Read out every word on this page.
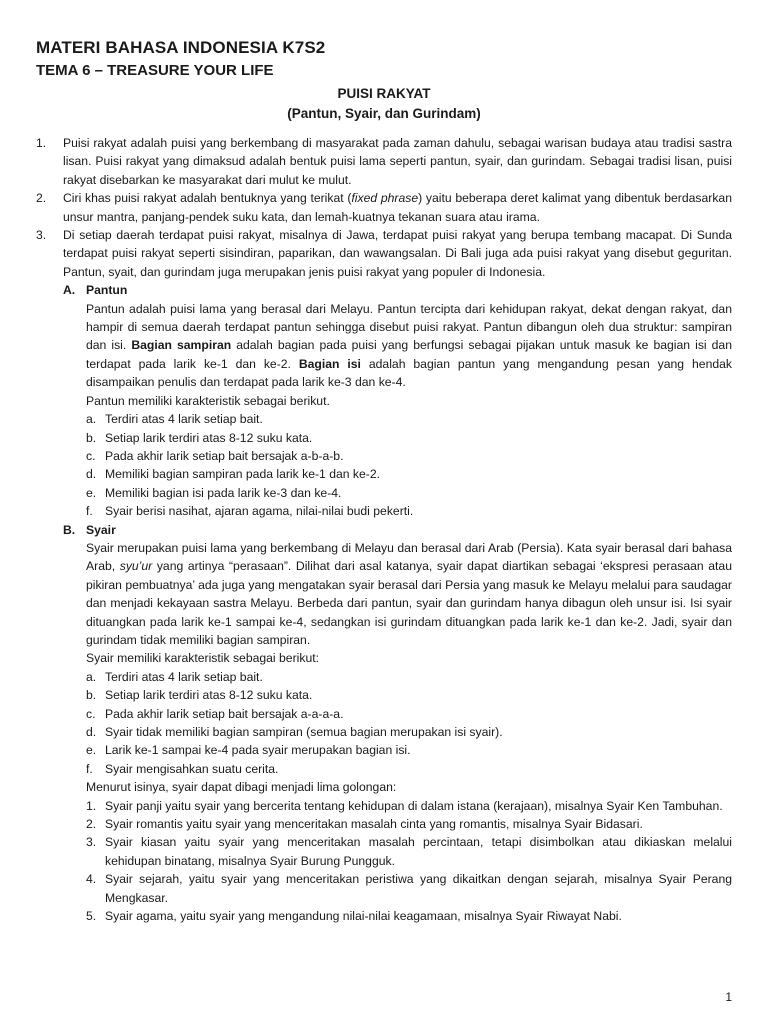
MATERI BAHASA INDONESIA K7S2
TEMA 6 – TREASURE YOUR LIFE
PUISI RAKYAT
(Pantun, Syair, dan Gurindam)
1.	Puisi rakyat adalah puisi yang berkembang di masyarakat pada zaman dahulu, sebagai warisan budaya atau tradisi sastra lisan. Puisi rakyat yang dimaksud adalah bentuk puisi lama seperti pantun, syair, dan gurindam. Sebagai tradisi lisan, puisi rakyat disebarkan ke masyarakat dari mulut ke mulut.
2.	Ciri khas puisi rakyat adalah bentuknya yang terikat (fixed phrase) yaitu beberapa deret kalimat yang dibentuk berdasarkan unsur mantra, panjang-pendek suku kata, dan lemah-kuatnya tekanan suara atau irama.
3.	Di setiap daerah terdapat puisi rakyat, misalnya di Jawa, terdapat puisi rakyat yang berupa tembang macapat. Di Sunda terdapat puisi rakyat seperti sisindiran, paparikan, dan wawangsalan. Di Bali juga ada puisi rakyat yang disebut geguritan. Pantun, syait, dan gurindam juga merupakan jenis puisi rakyat yang populer di Indonesia.
A. Pantun
Pantun adalah puisi lama yang berasal dari Melayu. Pantun tercipta dari kehidupan rakyat, dekat dengan rakyat, dan hampir di semua daerah terdapat pantun sehingga disebut puisi rakyat. Pantun dibangun oleh dua struktur: sampiran dan isi. Bagian sampiran adalah bagian pada puisi yang berfungsi sebagai pijakan untuk masuk ke bagian isi dan terdapat pada larik ke-1 dan ke-2. Bagian isi adalah bagian pantun yang mengandung pesan yang hendak disampaikan penulis dan terdapat pada larik ke-3 dan ke-4.
Pantun memiliki karakteristik sebagai berikut.
a. Terdiri atas 4 larik setiap bait.
b. Setiap larik terdiri atas 8-12 suku kata.
c. Pada akhir larik setiap bait bersajak a-b-a-b.
d. Memiliki bagian sampiran pada larik ke-1 dan ke-2.
e. Memiliki bagian isi pada larik ke-3 dan ke-4.
f.	Syair berisi nasihat, ajaran agama, nilai-nilai budi pekerti.
B. Syair
Syair merupakan puisi lama yang berkembang di Melayu dan berasal dari Arab (Persia). Kata syair berasal dari bahasa Arab, syu’ur yang artinya “perasaan”. Dilihat dari asal katanya, syair dapat diartikan sebagai ‘ekspresi perasaan atau pikiran pembuatnya’ ada juga yang mengatakan syair berasal dari Persia yang masuk ke Melayu melalui para saudagar dan menjadi kekayaan sastra Melayu. Berbeda dari pantun, syair dan gurindam hanya dibagun oleh unsur isi. Isi syair dituangkan pada larik ke-1 sampai ke-4, sedangkan isi gurindam dituangkan pada larik ke-1 dan ke-2. Jadi, syair dan gurindam tidak memiliki bagian sampiran.
Syair memiliki karakteristik sebagai berikut:
a. Terdiri atas 4 larik setiap bait.
b. Setiap larik terdiri atas 8-12 suku kata.
c. Pada akhir larik setiap bait bersajak a-a-a-a.
d. Syair tidak memiliki bagian sampiran (semua bagian merupakan isi syair).
e. Larik ke-1 sampai ke-4 pada syair merupakan bagian isi.
f.	Syair mengisahkan suatu cerita.
Menurut isinya, syair dapat dibagi menjadi lima golongan:
1. Syair panji yaitu syair yang bercerita tentang kehidupan di dalam istana (kerajaan), misalnya Syair Ken Tambuhan.
2. Syair romantis yaitu syair yang menceritakan masalah cinta yang romantis, misalnya Syair Bidasari.
3. Syair kiasan yaitu syair yang menceritakan masalah percintaan, tetapi disimbolkan atau dikiaskan melalui kehidupan binatang, misalnya Syair Burung Pungguk.
4. Syair sejarah, yaitu syair yang menceritakan peristiwa yang dikaitkan dengan sejarah, misalnya Syair Perang Mengkasar.
5. Syair agama, yaitu syair yang mengandung nilai-nilai keagamaan, misalnya Syair Riwayat Nabi.
1
